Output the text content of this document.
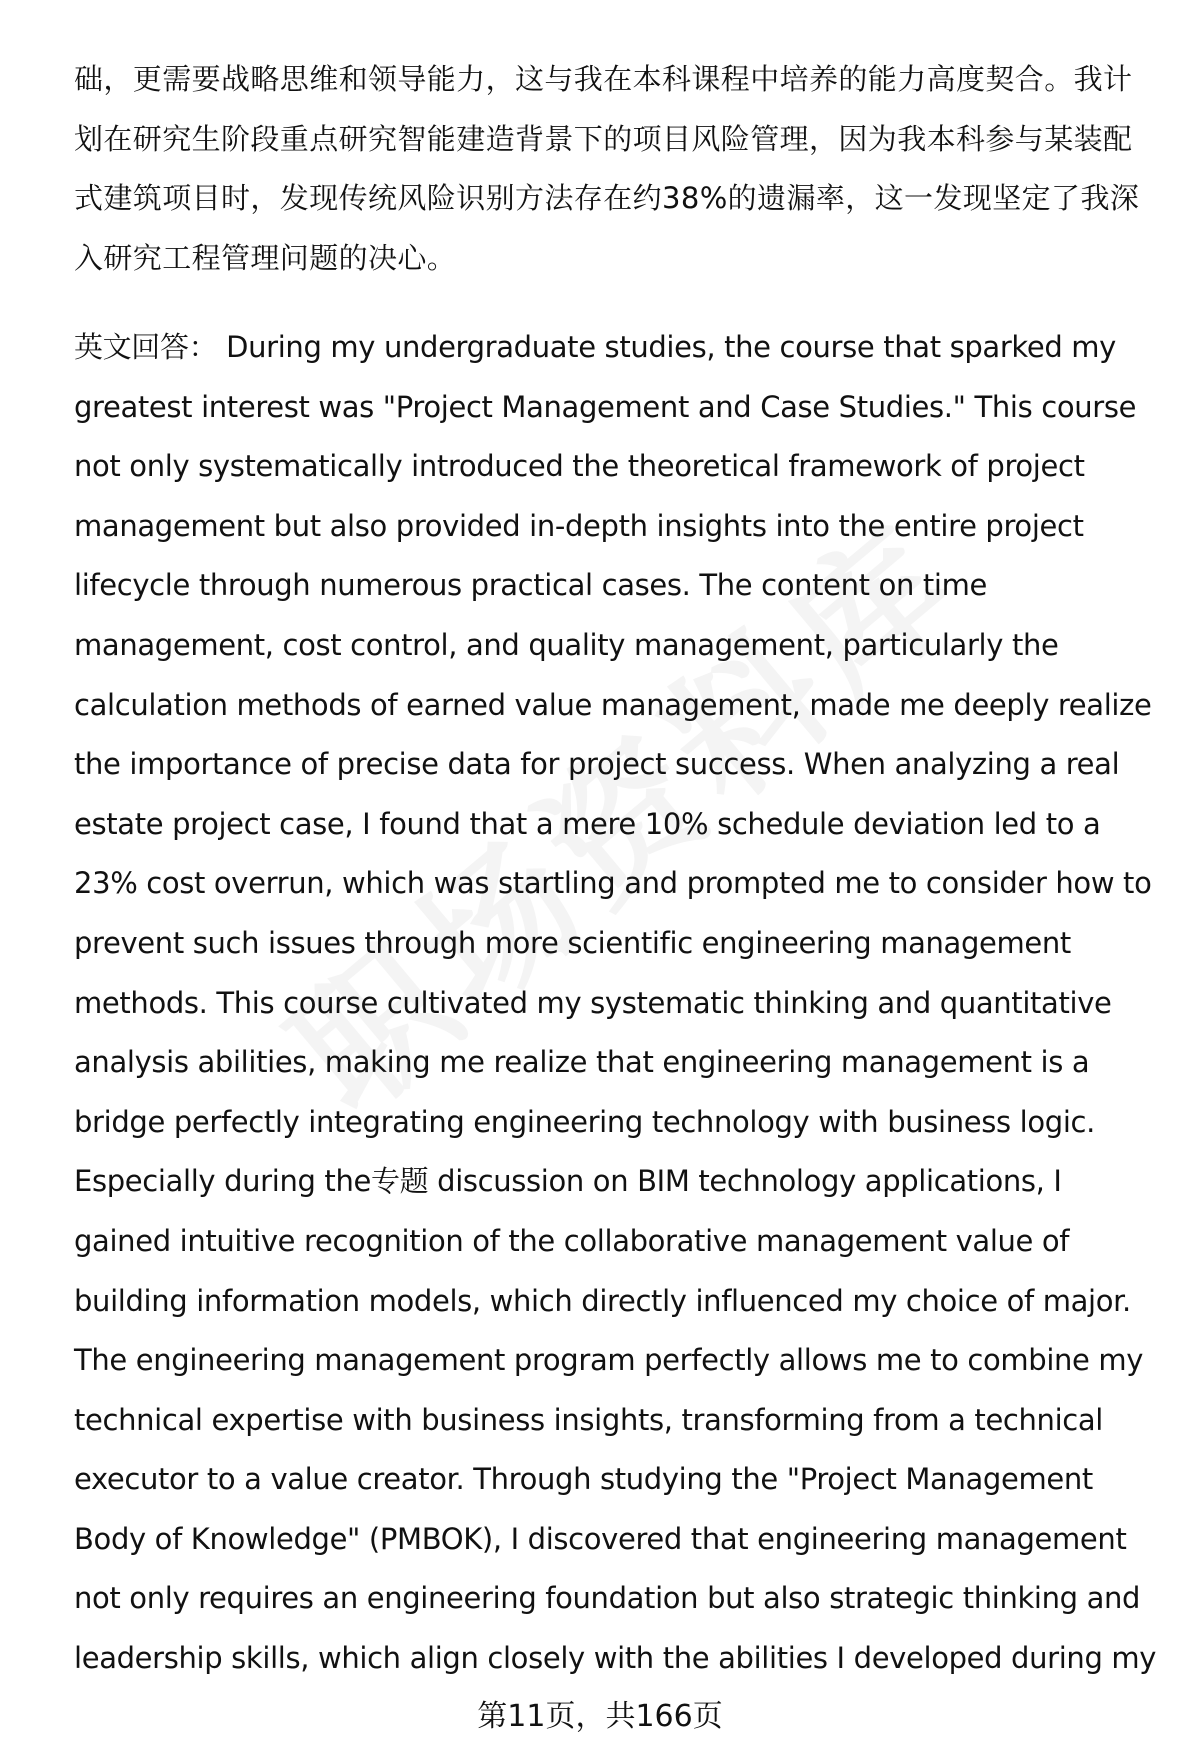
础，更需要战略思维和领导能力，这与我在本科课程中培养的能力高度契合。我计
划在研究生阶段重点研究智能建造背景下的项目风险管理，因为我本科参与某装配
式建筑项目时，发现传统风险识别方法存在约38%的遗漏率，这一发现坚定了我深
入研究工程管理问题的决心。
英文回答： During my undergraduate studies, the course that sparked my
greatest interest was "Project Management and Case Studies." This course
not only systematically introduced the theoretical framework of project
management but also provided in-depth insights into the entire project
lifecycle through numerous practical cases. The content on time
management, cost control, and quality management, particularly the
calculation methods of earned value management, made me deeply realize
the importance of precise data for project success. When analyzing a real
estate project case, I found that a mere 10% schedule deviation led to a
23% cost overrun, which was startling and prompted me to consider how to
prevent such issues through more scientific engineering management
methods. This course cultivated my systematic thinking and quantitative
analysis abilities, making me realize that engineering management is a
bridge perfectly integrating engineering technology with business logic.
Especially during the专题 discussion on BIM technology applications, I
gained intuitive recognition of the collaborative management value of
building information models, which directly influenced my choice of major.
The engineering management program perfectly allows me to combine my
technical expertise with business insights, transforming from a technical
executor to a value creator. Through studying the "Project Management
Body of Knowledge" (PMBOK), I discovered that engineering management
not only requires an engineering foundation but also strategic thinking and
leadership skills, which align closely with the abilities I developed during my
第11页，共166页
